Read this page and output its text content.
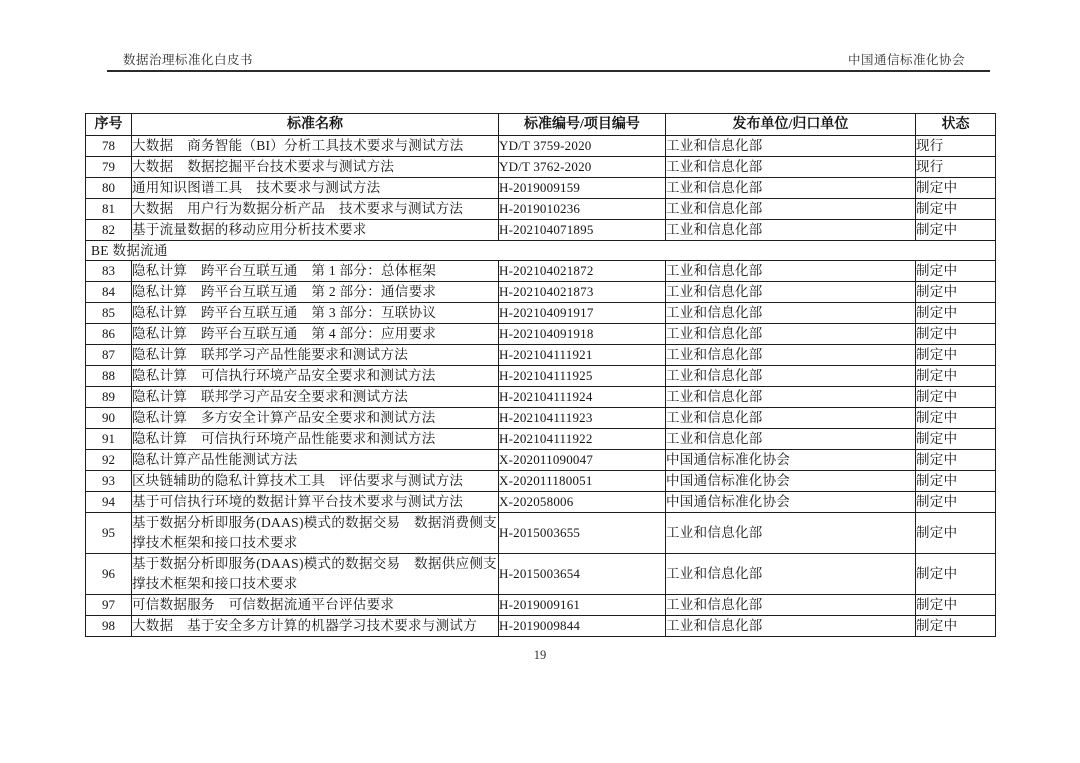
数据治理标准化白皮书	中国通信标准化协会
序号	标准名称	标准编号/项目编号	发布单位/归口单位	状态
78	大数据　商务智能（BI）分析工具技术要求与测试方法	YD/T 3759-2020	工业和信息化部	现行
79	大数据　数据挖掘平台技术要求与测试方法	YD/T 3762-2020	工业和信息化部	现行
80	通用知识图谱工具　技术要求与测试方法	H-2019009159	工业和信息化部	制定中
81	大数据　用户行为数据分析产品　技术要求与测试方法	H-2019010236	工业和信息化部	制定中
82	基于流量数据的移动应用分析技术要求	H-202104071895	工业和信息化部	制定中
BE 数据流通				
83	隐私计算　跨平台互联互通　第 1 部分：总体框架	H-202104021872	工业和信息化部	制定中
84	隐私计算　跨平台互联互通　第 2 部分：通信要求	H-202104021873	工业和信息化部	制定中
85	隐私计算　跨平台互联互通　第 3 部分：互联协议	H-202104091917	工业和信息化部	制定中
86	隐私计算　跨平台互联互通　第 4 部分：应用要求	H-202104091918	工业和信息化部	制定中
87	隐私计算　联邦学习产品性能要求和测试方法	H-202104111921	工业和信息化部	制定中
88	隐私计算　可信执行环境产品安全要求和测试方法	H-202104111925	工业和信息化部	制定中
89	隐私计算　联邦学习产品安全要求和测试方法	H-202104111924	工业和信息化部	制定中
90	隐私计算　多方安全计算产品安全要求和测试方法	H-202104111923	工业和信息化部	制定中
91	隐私计算　可信执行环境产品性能要求和测试方法	H-202104111922	工业和信息化部	制定中
92	隐私计算产品性能测试方法	X-202011090047	中国通信标准化协会	制定中
93	区块链辅助的隐私计算技术工具　评估要求与测试方法	X-202011180051	中国通信标准化协会	制定中
94	基于可信执行环境的数据计算平台技术要求与测试方法	X-202058006	中国通信标准化协会	制定中
95	基于数据分析即服务(DAAS)模式的数据交易　数据消费侧支撑技术框架和接口技术要求	H-2015003655	工业和信息化部	制定中
96	基于数据分析即服务(DAAS)模式的数据交易　数据供应侧支撑技术框架和接口技术要求	H-2015003654	工业和信息化部	制定中
97	可信数据服务　可信数据流通平台评估要求	H-2019009161	工业和信息化部	制定中
98	大数据　基于安全多方计算的机器学习技术要求与测试方	H-2019009844	工业和信息化部	制定中
19
